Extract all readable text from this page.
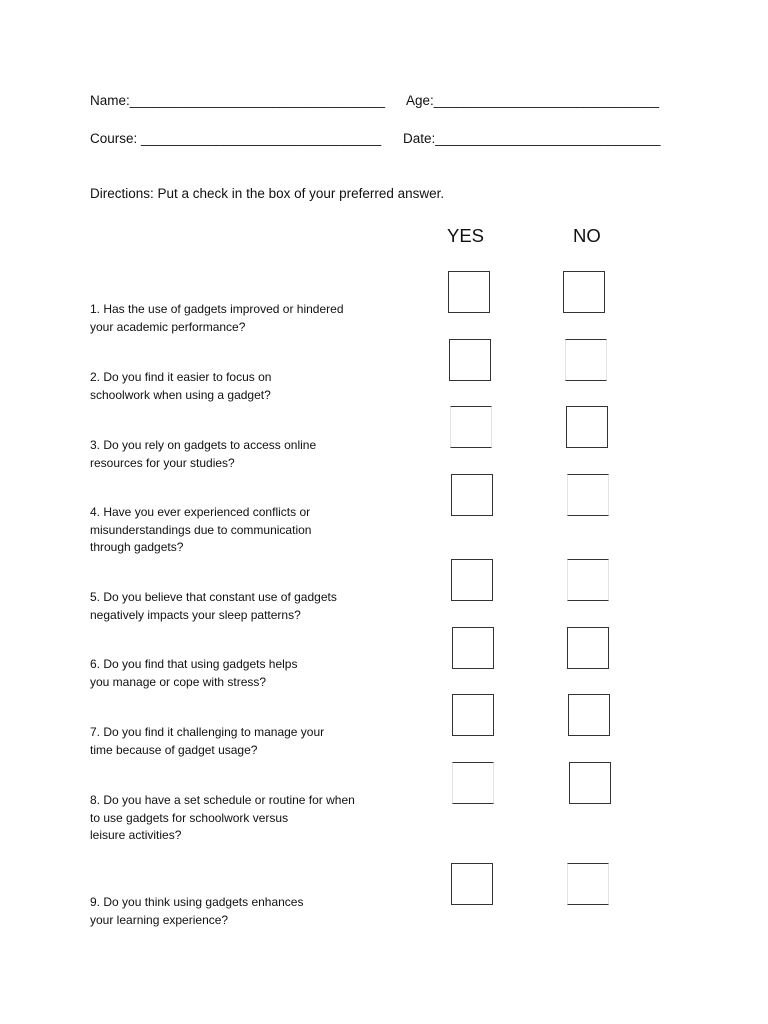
Name:__________________________________ Age:______________________________
Course: ________________________________ Date:______________________________
Directions: Put a check in the box of your preferred answer.
YES	NO
1. Has the use of gadgets improved or hindered
your academic performance?
2. Do you find it easier to focus on
schoolwork when using a gadget?
3. Do you rely on gadgets to access online
resources for your studies?
4. Have you ever experienced conflicts or
misunderstandings due to communication
through gadgets?
5. Do you believe that constant use of gadgets
negatively impacts your sleep patterns?
6. Do you find that using gadgets helps
you manage or cope with stress?
7. Do you find it challenging to manage your
time because of gadget usage?
8. Do you have a set schedule or routine for when
to use gadgets for schoolwork versus
leisure activities?
9. Do you think using gadgets enhances
your learning experience?
